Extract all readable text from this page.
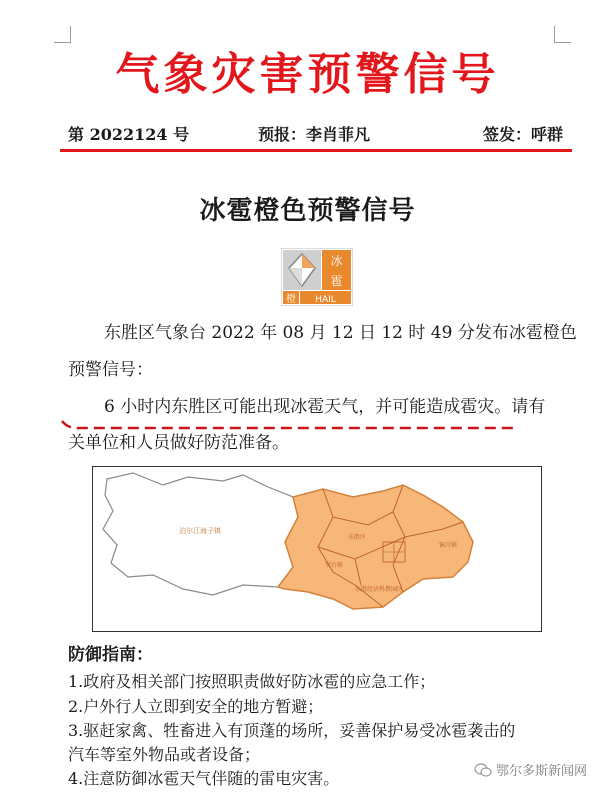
气象灾害预警信号
第 2022124 号	预报：李肖菲凡	签发：呼群
冰雹橙色预警信号
冰
雹
橙 HAIL
东胜区气象台 2022 年 08 月 12 日 12 时 49 分发布冰雹橙色
预警信号：
6 小时内东胜区可能出现冰雹天气，并可能造成雹灾。请有
关单位和人员做好防范准备。
泊尔江海子镇
东胜区
铜川镇
罕台镇
东胜经济科教园区
防御指南：
1.政府及相关部门按照职责做好防冰雹的应急工作；
2.户外行人立即到安全的地方暂避；
3.驱赶家禽、牲畜进入有顶蓬的场所，妥善保护易受冰雹袭击的
汽车等室外物品或者设备；
4.注意防御冰雹天气伴随的雷电灾害。	鄂尔多斯新闻网
